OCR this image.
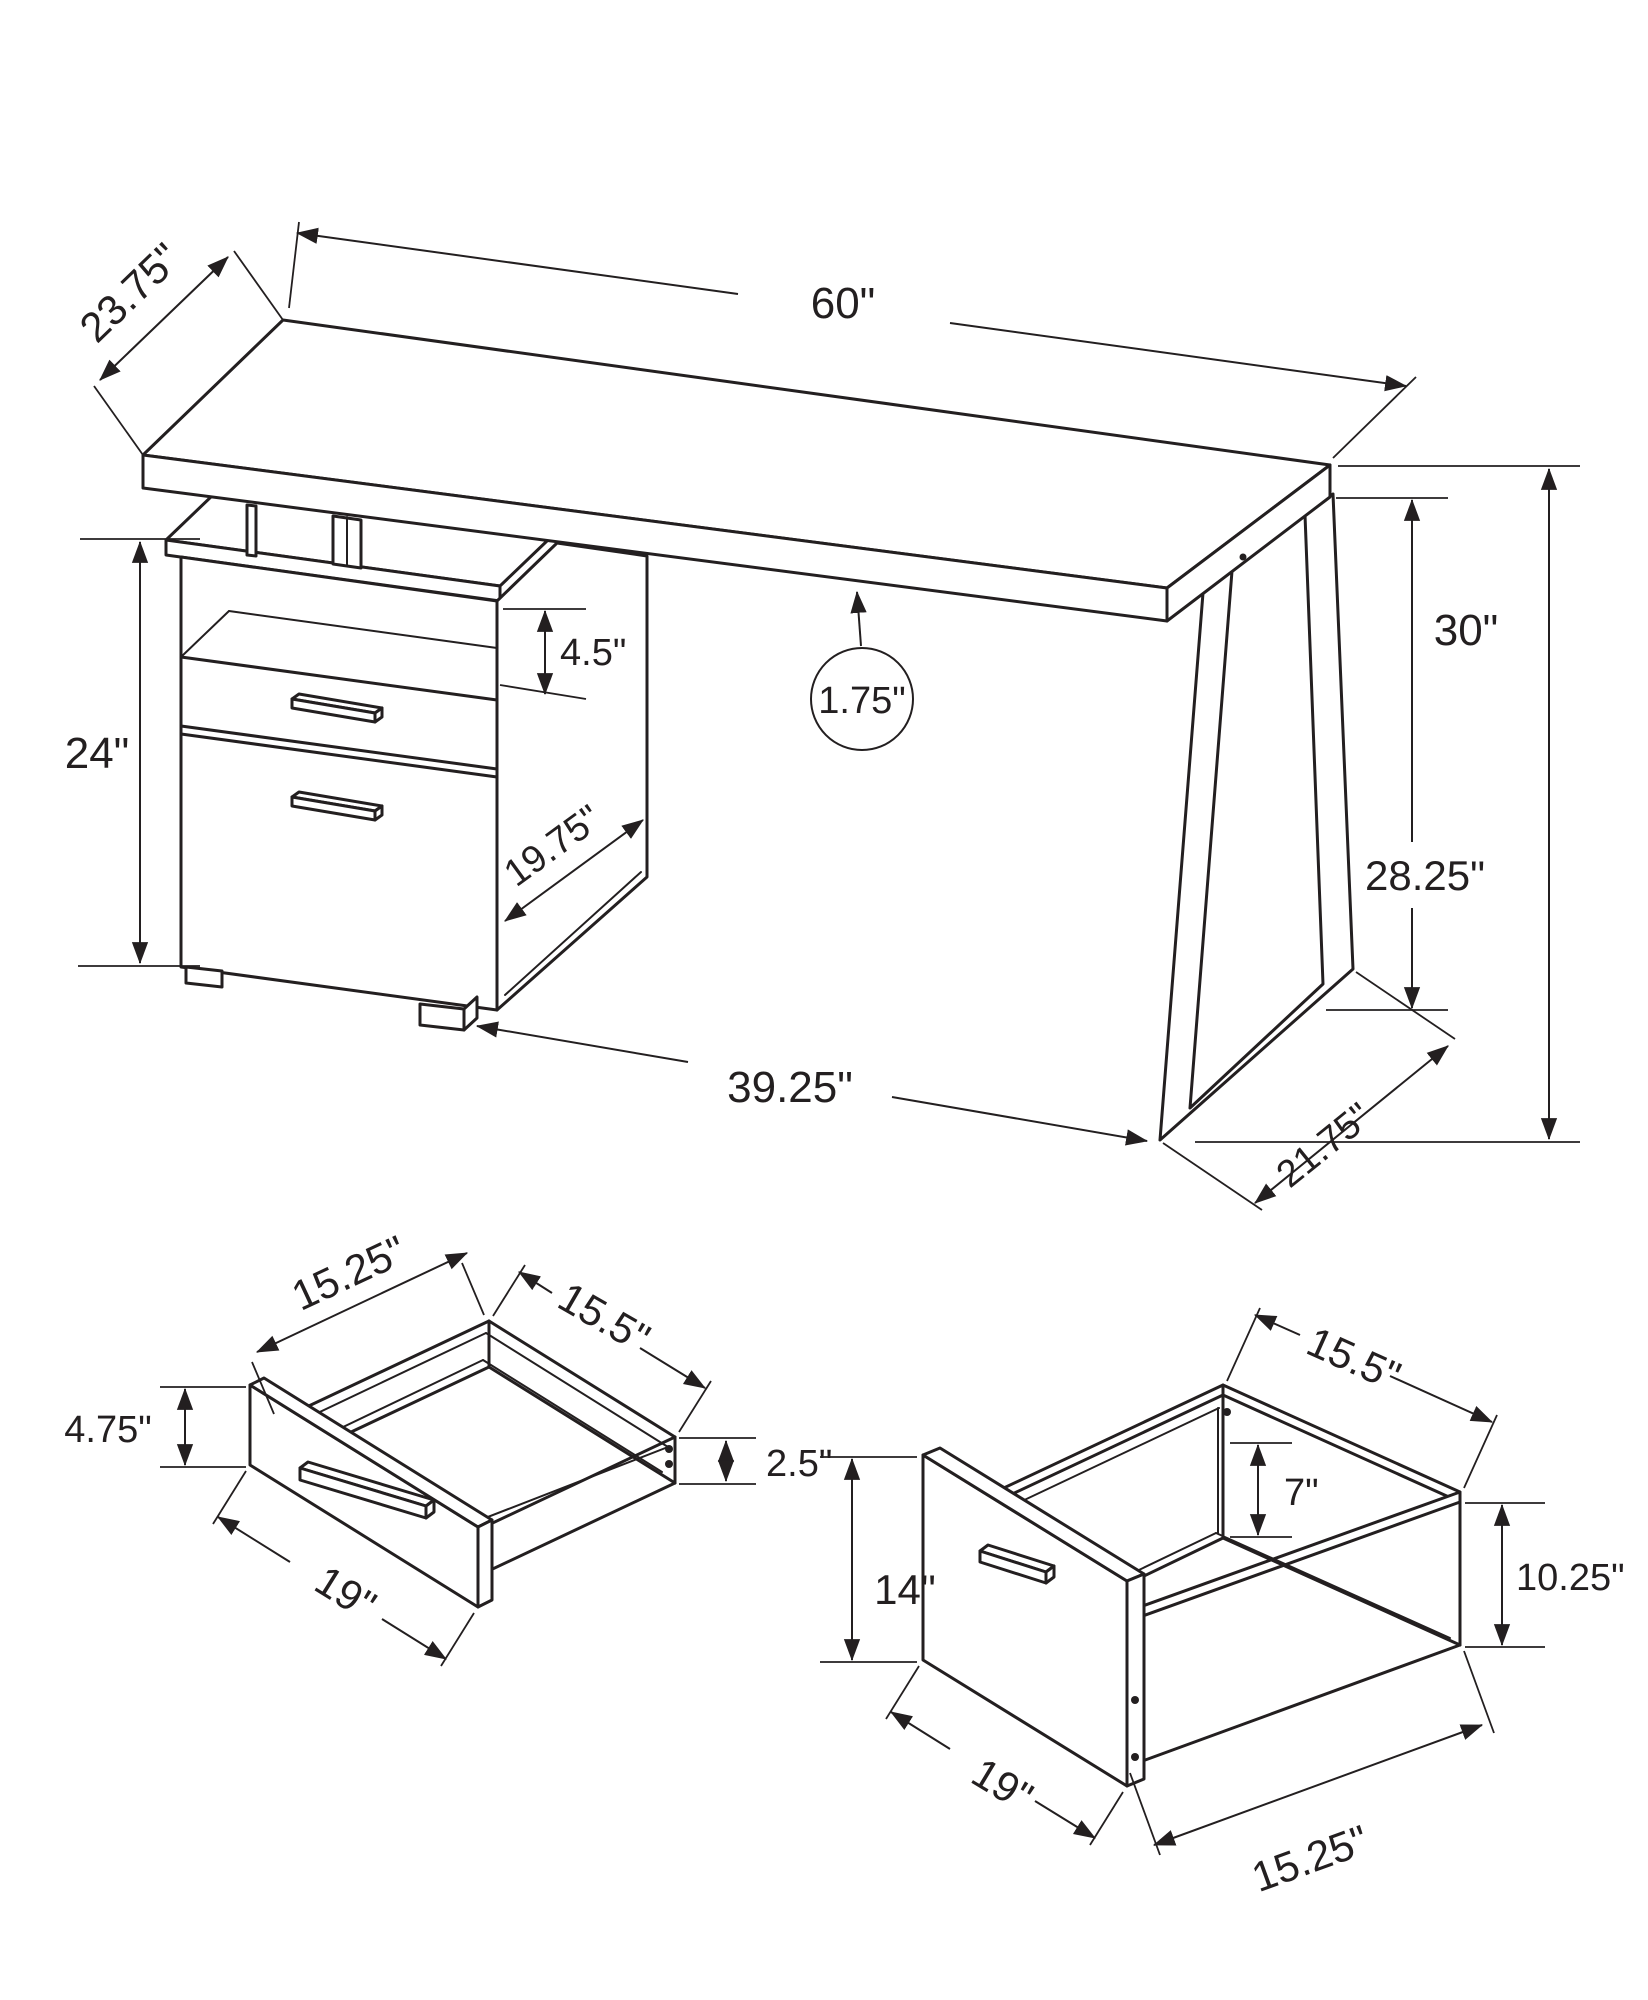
60"
23.75"
1.75"
4.5"
24"
19.75"
39.25"
28.25"
30"
21.75"
15.25"	15.5"
4.75"
2.5"
19"
15.5"
7"
14"	10.25"
19"
15.25"
